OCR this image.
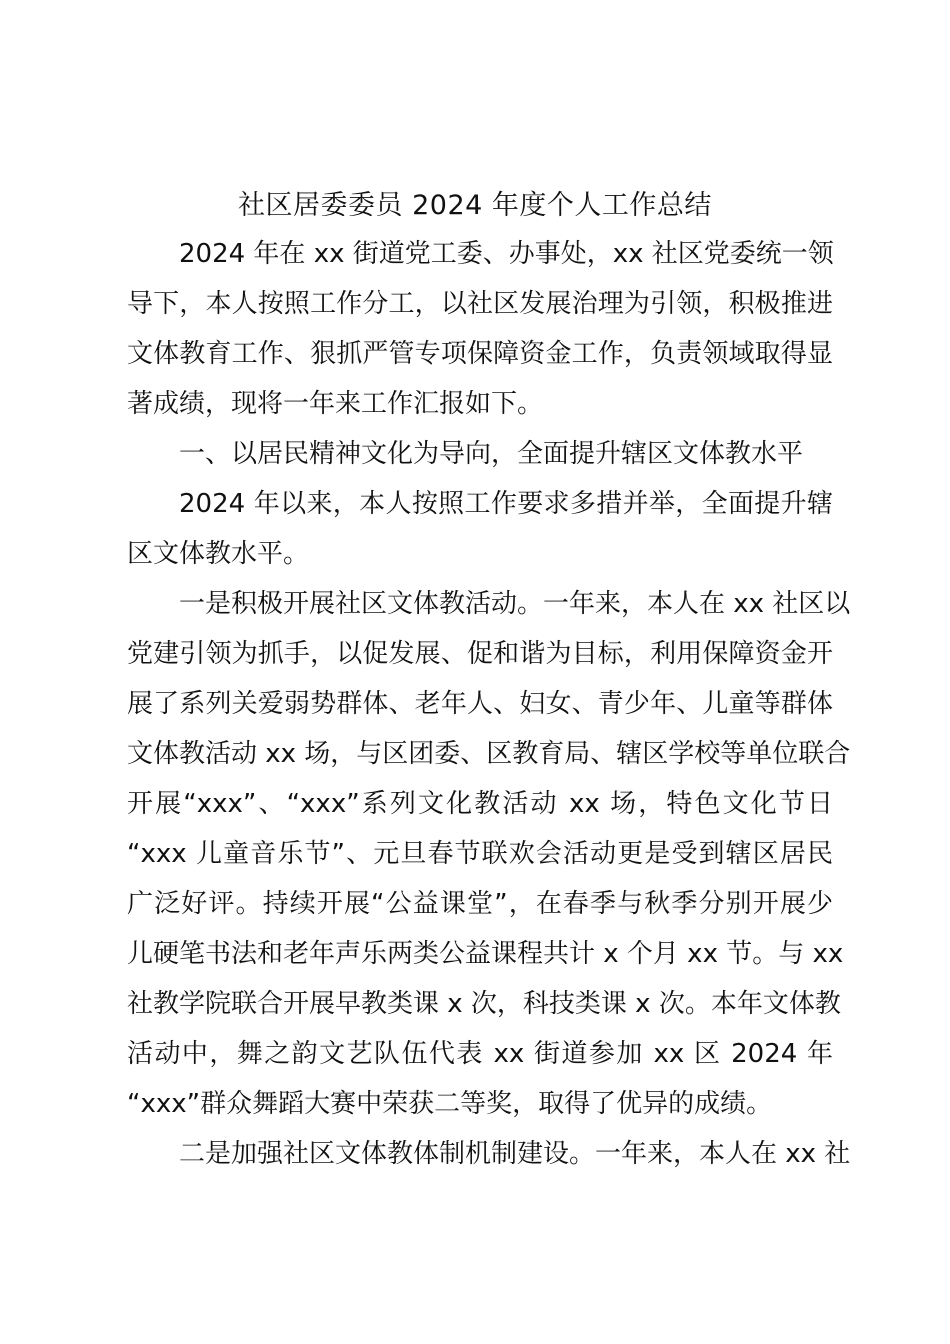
社区居委委员 2024 年度个人工作总结
2024 年在 xx 街道党工委、办事处，xx 社区党委统一领
导下，本人按照工作分工，以社区发展治理为引领，积极推进
文体教育工作、狠抓严管专项保障资金工作，负责领域取得显
著成绩，现将一年来工作汇报如下。
一、以居民精神文化为导向，全面提升辖区文体教水平
2024 年以来，本人按照工作要求多措并举，全面提升辖
区文体教水平。
一是积极开展社区文体教活动。一年来，本人在 xx 社区以
党建引领为抓手，以促发展、促和谐为目标，利用保障资金开
展了系列关爱弱势群体、老年人、妇女、青少年、儿童等群体
文体教活动 xx 场，与区团委、区教育局、辖区学校等单位联合
开展“xxx”、“xxx”系列文化教活动 xx 场，特色文化节日
“xxx 儿童音乐节”、元旦春节联欢会活动更是受到辖区居民
广泛好评。持续开展“公益课堂”，在春季与秋季分别开展少
儿硬笔书法和老年声乐两类公益课程共计 x 个月 xx 节。与 xx
社教学院联合开展早教类课 x 次，科技类课 x 次。本年文体教
活动中，舞之韵文艺队伍代表 xx 街道参加 xx 区 2024 年
“xxx”群众舞蹈大赛中荣获二等奖，取得了优异的成绩。
二是加强社区文体教体制机制建设。一年来，本人在 xx 社
